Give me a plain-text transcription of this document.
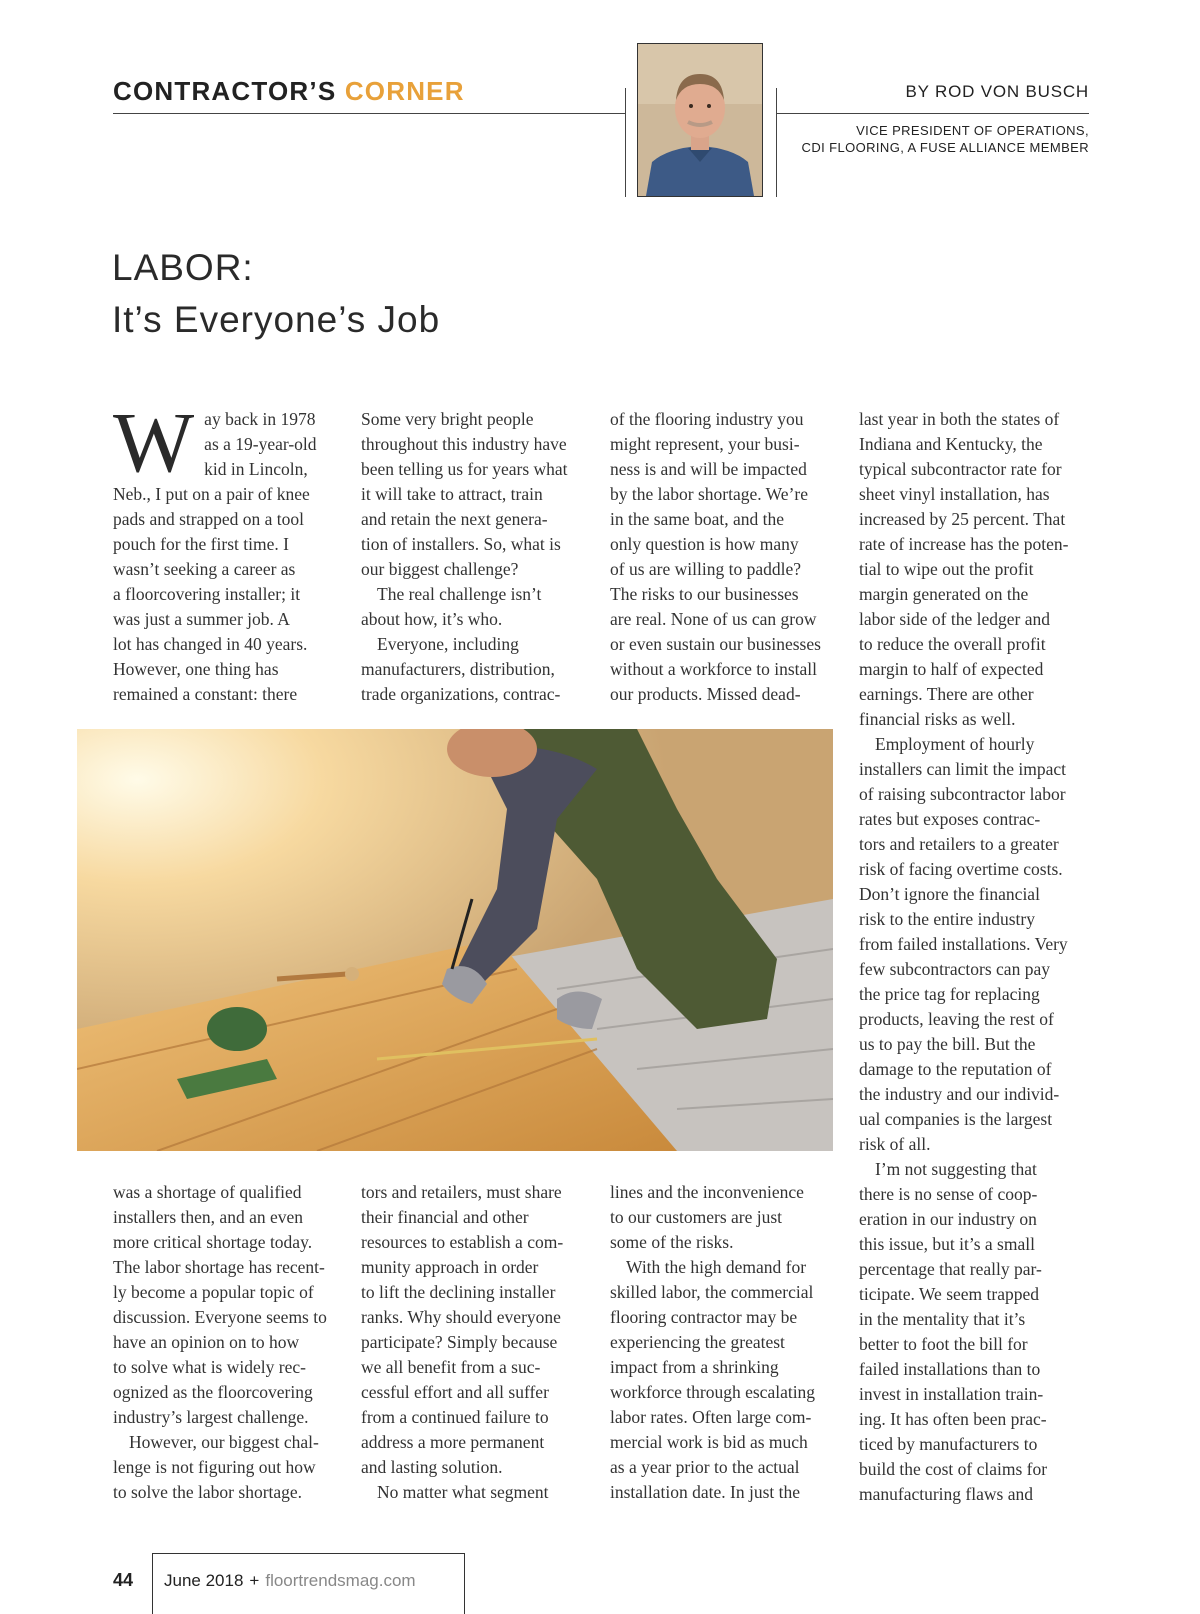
CONTRACTOR’S CORNER	BY ROD VON BUSCH
VICE PRESIDENT OF OPERATIONS,
CDI FLOORING, A FUSE ALLIANCE MEMBER
LABOR:
It’s Everyone’s Job
W ay back in 1978

as a 19-year-old

kid in Lincoln,

Neb., I put on a pair of knee

pads and strapped on a tool

pouch for the first time. I

wasn’t seeking a career as

a floorcovering installer; it

was just a summer job. A

lot has changed in 40 years.

However, one thing has

remained a constant: there

Some very bright people

throughout this industry have

been telling us for years what

it will take to attract, train

and retain the next genera-

tion of installers. So, what is

our biggest challenge?

The real challenge isn’t

about how, it’s who.

Everyone, including

manufacturers, distribution,

trade organizations, contrac-

of the flooring industry you

might represent, your busi-

ness is and will be impacted

by the labor shortage. We’re

in the same boat, and the

only question is how many

of us are willing to paddle?

The risks to our businesses

are real. None of us can grow

or even sustain our businesses

without a workforce to install

our products. Missed dead-

last year in both the states of

Indiana and Kentucky, the

typical subcontractor rate for

sheet vinyl installation, has

increased by 25 percent. That

rate of increase has the poten-

tial to wipe out the profit

margin generated on the

labor side of the ledger and

to reduce the overall profit

margin to half of expected

earnings. There are other

financial risks as well.

Employment of hourly

installers can limit the impact

of raising subcontractor labor

rates but exposes contrac-

tors and retailers to a greater

risk of facing overtime costs.

Don’t ignore the financial

risk to the entire industry

from failed installations. Very

few subcontractors can pay

the price tag for replacing

products, leaving the rest of

us to pay the bill. But the

damage to the reputation of

the industry and our individ-

ual companies is the largest

risk of all.

I’m not suggesting that

there is no sense of coop-

eration in our industry on

this issue, but it’s a small

percentage that really par-

ticipate. We seem trapped

in the mentality that it’s

better to foot the bill for

failed installations than to

invest in installation train-

ing. It has often been prac-

ticed by manufacturers to

build the cost of claims for

manufacturing flaws and

was a shortage of qualified

installers then, and an even

more critical shortage today.

The labor shortage has recent-

ly become a popular topic of

discussion. Everyone seems to

have an opinion on to how

to solve what is widely rec-

ognized as the floorcovering

industry’s largest challenge.

However, our biggest chal-

lenge is not figuring out how

to solve the labor shortage.

tors and retailers, must share

their financial and other

resources to establish a com-

munity approach in order

to lift the declining installer

ranks. Why should everyone

participate? Simply because

we all benefit from a suc-

cessful effort and all suffer

from a continued failure to

address a more permanent

and lasting solution.

No matter what segment

lines and the inconvenience

to our customers are just

some of the risks.

With the high demand for

skilled labor, the commercial

flooring contractor may be

experiencing the greatest

impact from a shrinking

workforce through escalating

labor rates. Often large com-

mercial work is bid as much

as a year prior to the actual

installation date. In just the

44 June 2018 + floortrendsmag.com
